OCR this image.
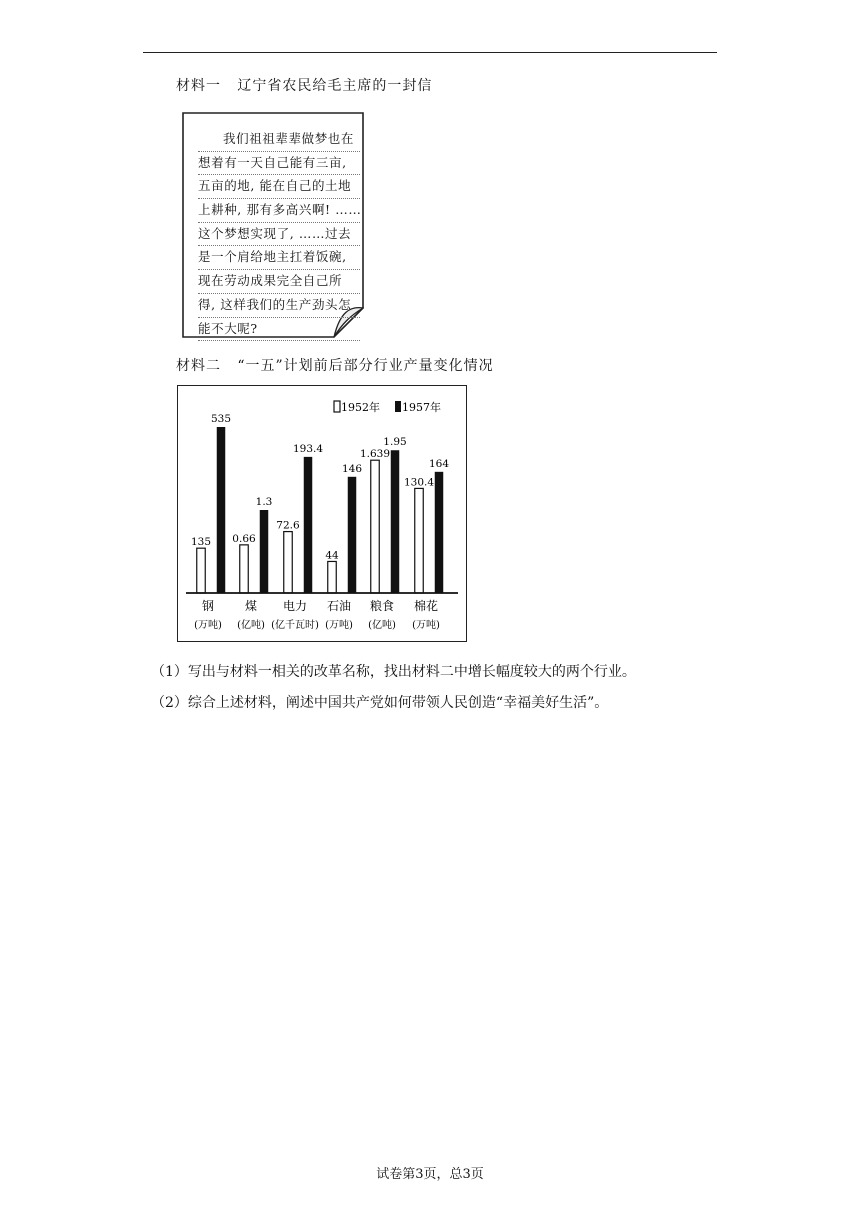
材料一   辽宁省农民给毛主席的一封信
我们祖祖辈辈做梦也在
想着有一天自己能有三亩,
五亩的地, 能在自己的土地
上耕种, 那有多高兴啊! ……
这个梦想实现了, ……过去
是一个肩给地主扛着饭碗,
现在劳动成果完全自己所
得, 这样我们的生产劲头怎
能不大呢?
材料二   “一五”计划前后部分行业产量变化情况
1952年 1957年
135
535
钢
(万吨)
0.66
1.3
煤
(亿吨)
72.6
193.4
电力
(亿千瓦时)
44
146
石油
(万吨)
1.639
1.95
粮食
(亿吨)
130.4
164
棉花
(万吨)
（1）写出与材料一相关的改革名称，找出材料二中增长幅度较大的两个行业。
（2）综合上述材料，阐述中国共产党如何带领人民创造“幸福美好生活”。
试卷第3页，总3页
